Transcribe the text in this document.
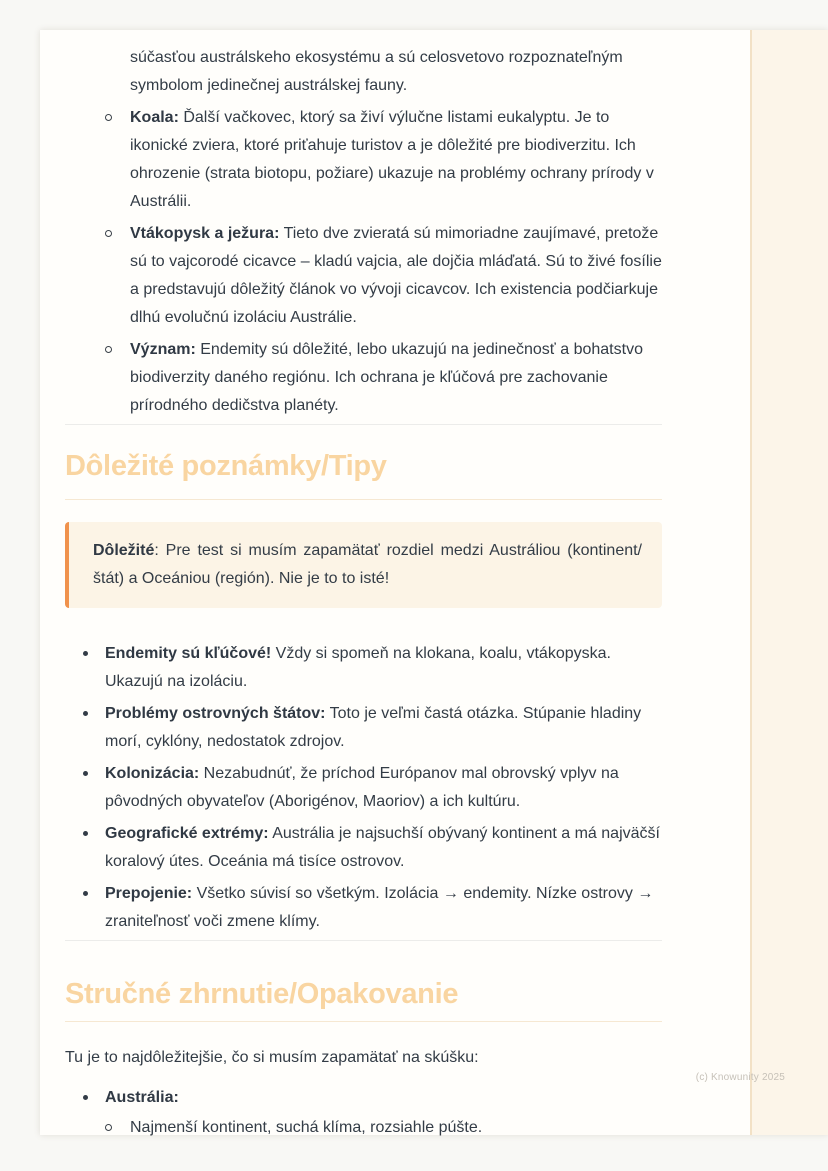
súčasťou austrálskeho ekosystému a sú celosvetovo rozpoznateľným symbolom jedinečnej austrálskej fauny.

Koala: Ďalší vačkovec, ktorý sa živí výlučne listami eukalyptu. Je to ikonické zviera, ktoré priťahuje turistov a je dôležité pre biodiverzitu. Ich ohrozenie (strata biotopu, požiare) ukazuje na problémy ochrany prírody v Austrálii.

Vtákopysk a ježura: Tieto dve zvieratá sú mimoriadne zaujímavé, pretože sú to vajcorodé cicavce – kladú vajcia, ale dojčia mláďatá. Sú to živé fosílie a predstavujú dôležitý článok vo vývoji cicavcov. Ich existencia podčiarkuje dlhú evolučnú izoláciu Austrálie.

Význam: Endemity sú dôležité, lebo ukazujú na jedinečnosť a bohatstvo biodiverzity daného regiónu. Ich ochrana je kľúčová pre zachovanie prírodného dedičstva planéty.

Dôležité poznámky/Tipy

Dôležité: Pre test si musím zapamätať rozdiel medzi Austráliou (kontinent/štát) a Oceániou (región). Nie je to to isté!

Endemity sú kľúčové! Vždy si spomeň na klokana, koalu, vtákopyska. Ukazujú na izoláciu.

Problémy ostrovných štátov: Toto je veľmi častá otázka. Stúpanie hladiny morí, cyklóny, nedostatok zdrojov.

Kolonizácia: Nezabudnúť, že príchod Európanov mal obrovský vplyv na pôvodných obyvateľov (Aborigénov, Maoriov) a ich kultúru.

Geografické extrémy: Austrália je najsuchší obývaný kontinent a má najväčší koralový útes. Oceánia má tisíce ostrovov.

Prepojenie: Všetko súvisí so všetkým. Izolácia → endemity. Nízke ostrovy → zraniteľnosť voči zmene klímy.

Stručné zhrnutie/Opakovanie

Tu je to najdôležitejšie, čo si musím zapamätať na skúšku:

Austrália:

Najmenší kontinent, suchá klíma, rozsiahle púšte.

(c) Knowunity 2025
